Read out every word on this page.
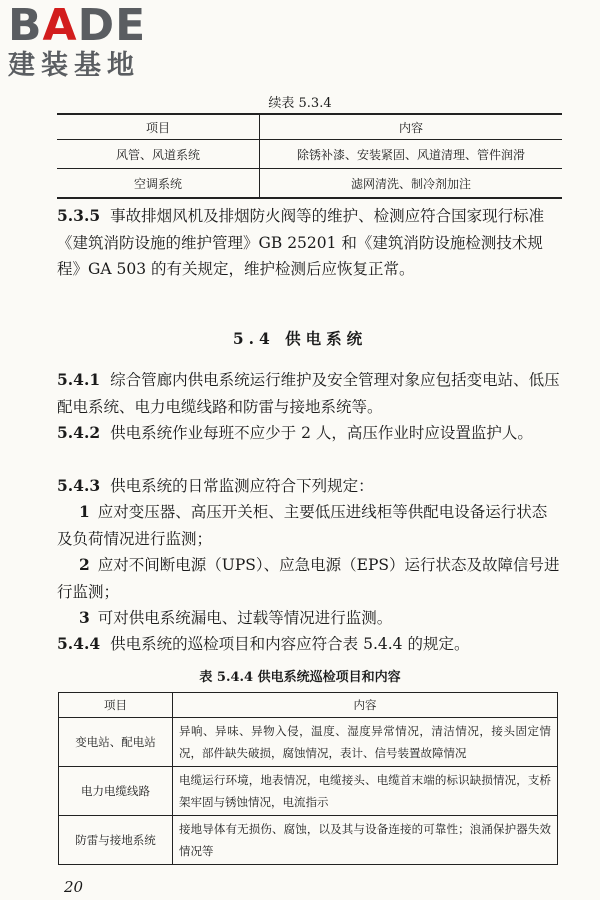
BADE
建装基地
续表 5.3.4
项目	内容
风管、风道系统	除锈补漆、安装紧固、风道清理、管件润滑
空调系统	滤网清洗、制冷剂加注
5.3.5 事故排烟风机及排烟防火阀等的维护、检测应符合国家现行标准《建筑消防设施的维护管理》GB 25201 和《建筑消防设施检测技术规程》GA 503 的有关规定，维护检测后应恢复正常。
5.4 供电系统
5.4.1 综合管廊内供电系统运行维护及安全管理对象应包括变电站、低压配电系统、电力电缆线路和防雷与接地系统等。
5.4.2 供电系统作业每班不应少于 2 人，高压作业时应设置监护人。
5.4.3 供电系统的日常监测应符合下列规定：
1 应对变压器、高压开关柜、主要低压进线柜等供配电设备运行状态及负荷情况进行监测；
2 应对不间断电源（UPS）、应急电源（EPS）运行状态及故障信号进行监测；
3 可对供电系统漏电、过载等情况进行监测。
5.4.4 供电系统的巡检项目和内容应符合表 5.4.4 的规定。
表 5.4.4 供电系统巡检项目和内容
项目	内容
变电站、配电站	异响、异味、异物入侵，温度、湿度异常情况，清洁情况，接头固定情况，部件缺失破损，腐蚀情况，表计、信号装置故障情况
电力电缆线路	电缆运行环境，地表情况，电缆接头、电缆首末端的标识缺损情况，支桥架牢固与锈蚀情况，电流指示
防雷与接地系统	接地导体有无损伤、腐蚀，以及其与设备连接的可靠性；浪涌保护器失效情况等
20
